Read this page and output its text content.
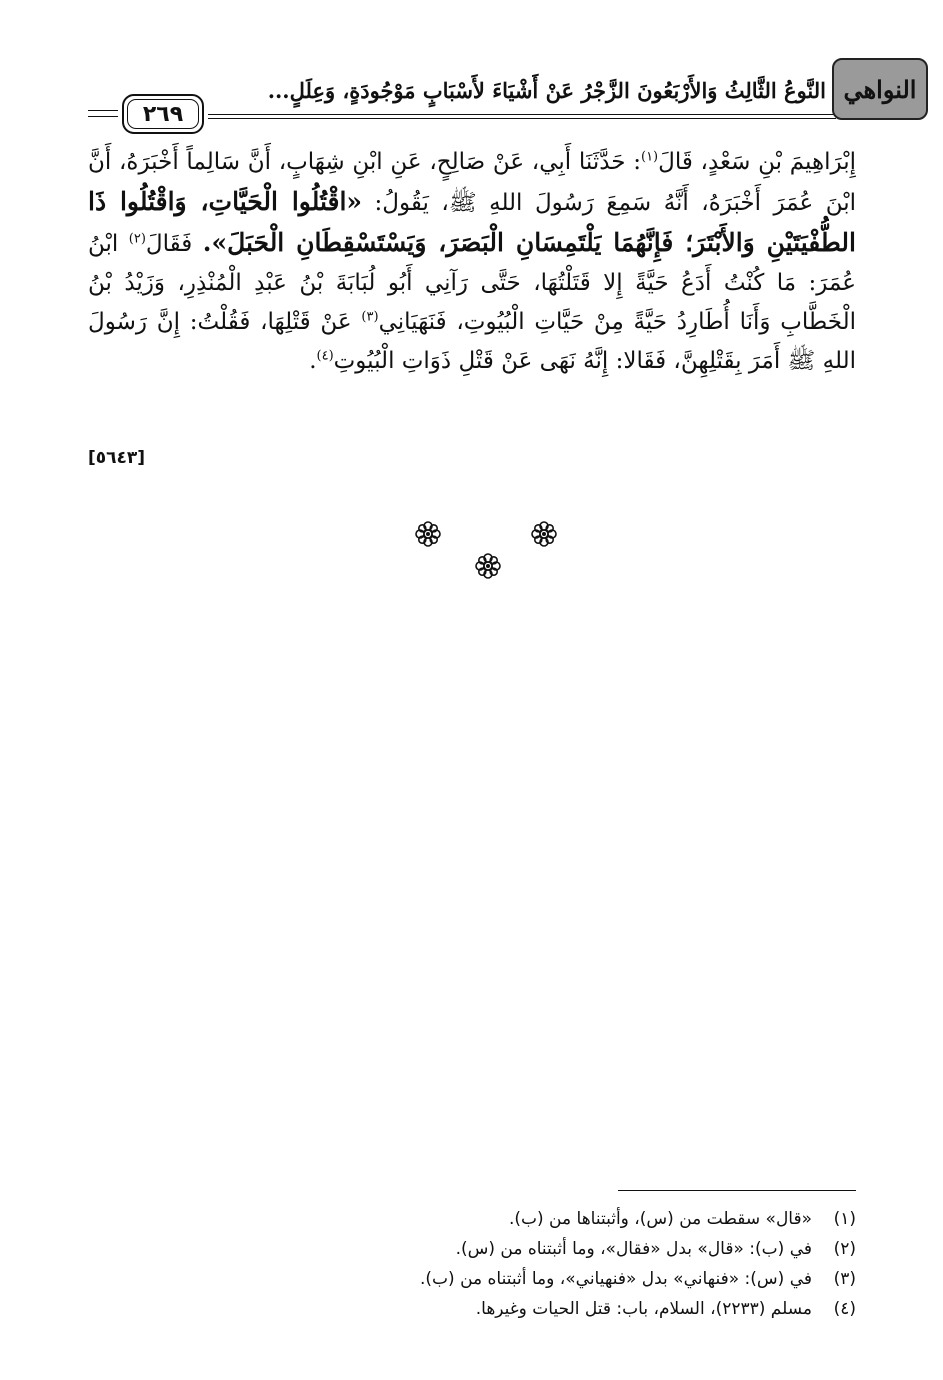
٢٦٩
النَّوعُ الثَّالِثُ وَالأَرْبَعُونَ الزَّجْرُ عَنْ أَشْيَاءَ لأَسْبَابٍ مَوْجُودَةٍ، وَعِلَلٍ... النواهي

إِبْرَاهِيمَ بْنِ سَعْدٍ، قَالَ$^{(١)}$: حَدَّثَنَا أَبِي، عَنْ صَالِحٍ، عَنِ ابْنِ شِهَابٍ، أَنَّ سَالِماً أَخْبَرَهُ، أَنَّ ابْنَ عُمَرَ أَخْبَرَهُ، أَنَّهُ سَمِعَ رَسُولَ اللهِ ﷺ، يَقُولُ: «اقْتُلُوا الْحَيَّاتِ، وَاقْتُلُوا ذَا الطُّفْيَتَيْنِ وَالأَبْتَرَ؛ فَإِنَّهُمَا يَلْتَمِسَانِ الْبَصَرَ، وَيَسْتَسْقِطَانِ الْحَبَلَ». فَقَالَ$^{(٢)}$ ابْنُ عُمَرَ: مَا كُنْتُ أَدَعُ حَيَّةً إِلا قَتَلْتُهَا، حَتَّى رَآنِي أَبُو لُبَابَةَ بْنُ عَبْدِ الْمُنْذِرِ، وَزَيْدُ بْنُ الْخَطَّابِ وَأَنَا أُطَارِدُ حَيَّةً مِنْ حَيَّاتِ الْبُيُوتِ، فَنَهَيَانِي$^{(٣)}$ عَنْ قَتْلِهَا، فَقُلْتُ: إِنَّ رَسُولَ اللهِ ﷺ أَمَرَ بِقَتْلِهِنَّ، فَقَالا: إِنَّهُ نَهَى عَنْ قَتْلِ ذَوَاتِ الْبُيُوتِ$^{(٤)}$.

[٥٦٤٣]
(١)
«قال» سقطت من (س)، وأثبتناها من (ب).
(٢)
في (ب): «قال» بدل «فقال»، وما أثبتناه من (س).
(٣)
في (س): «فنهاني» بدل «فنهياني»، وما أثبتناه من (ب).
(٤)
مسلم (٢٢٣٣)، السلام، باب: قتل الحيات وغيرها.
